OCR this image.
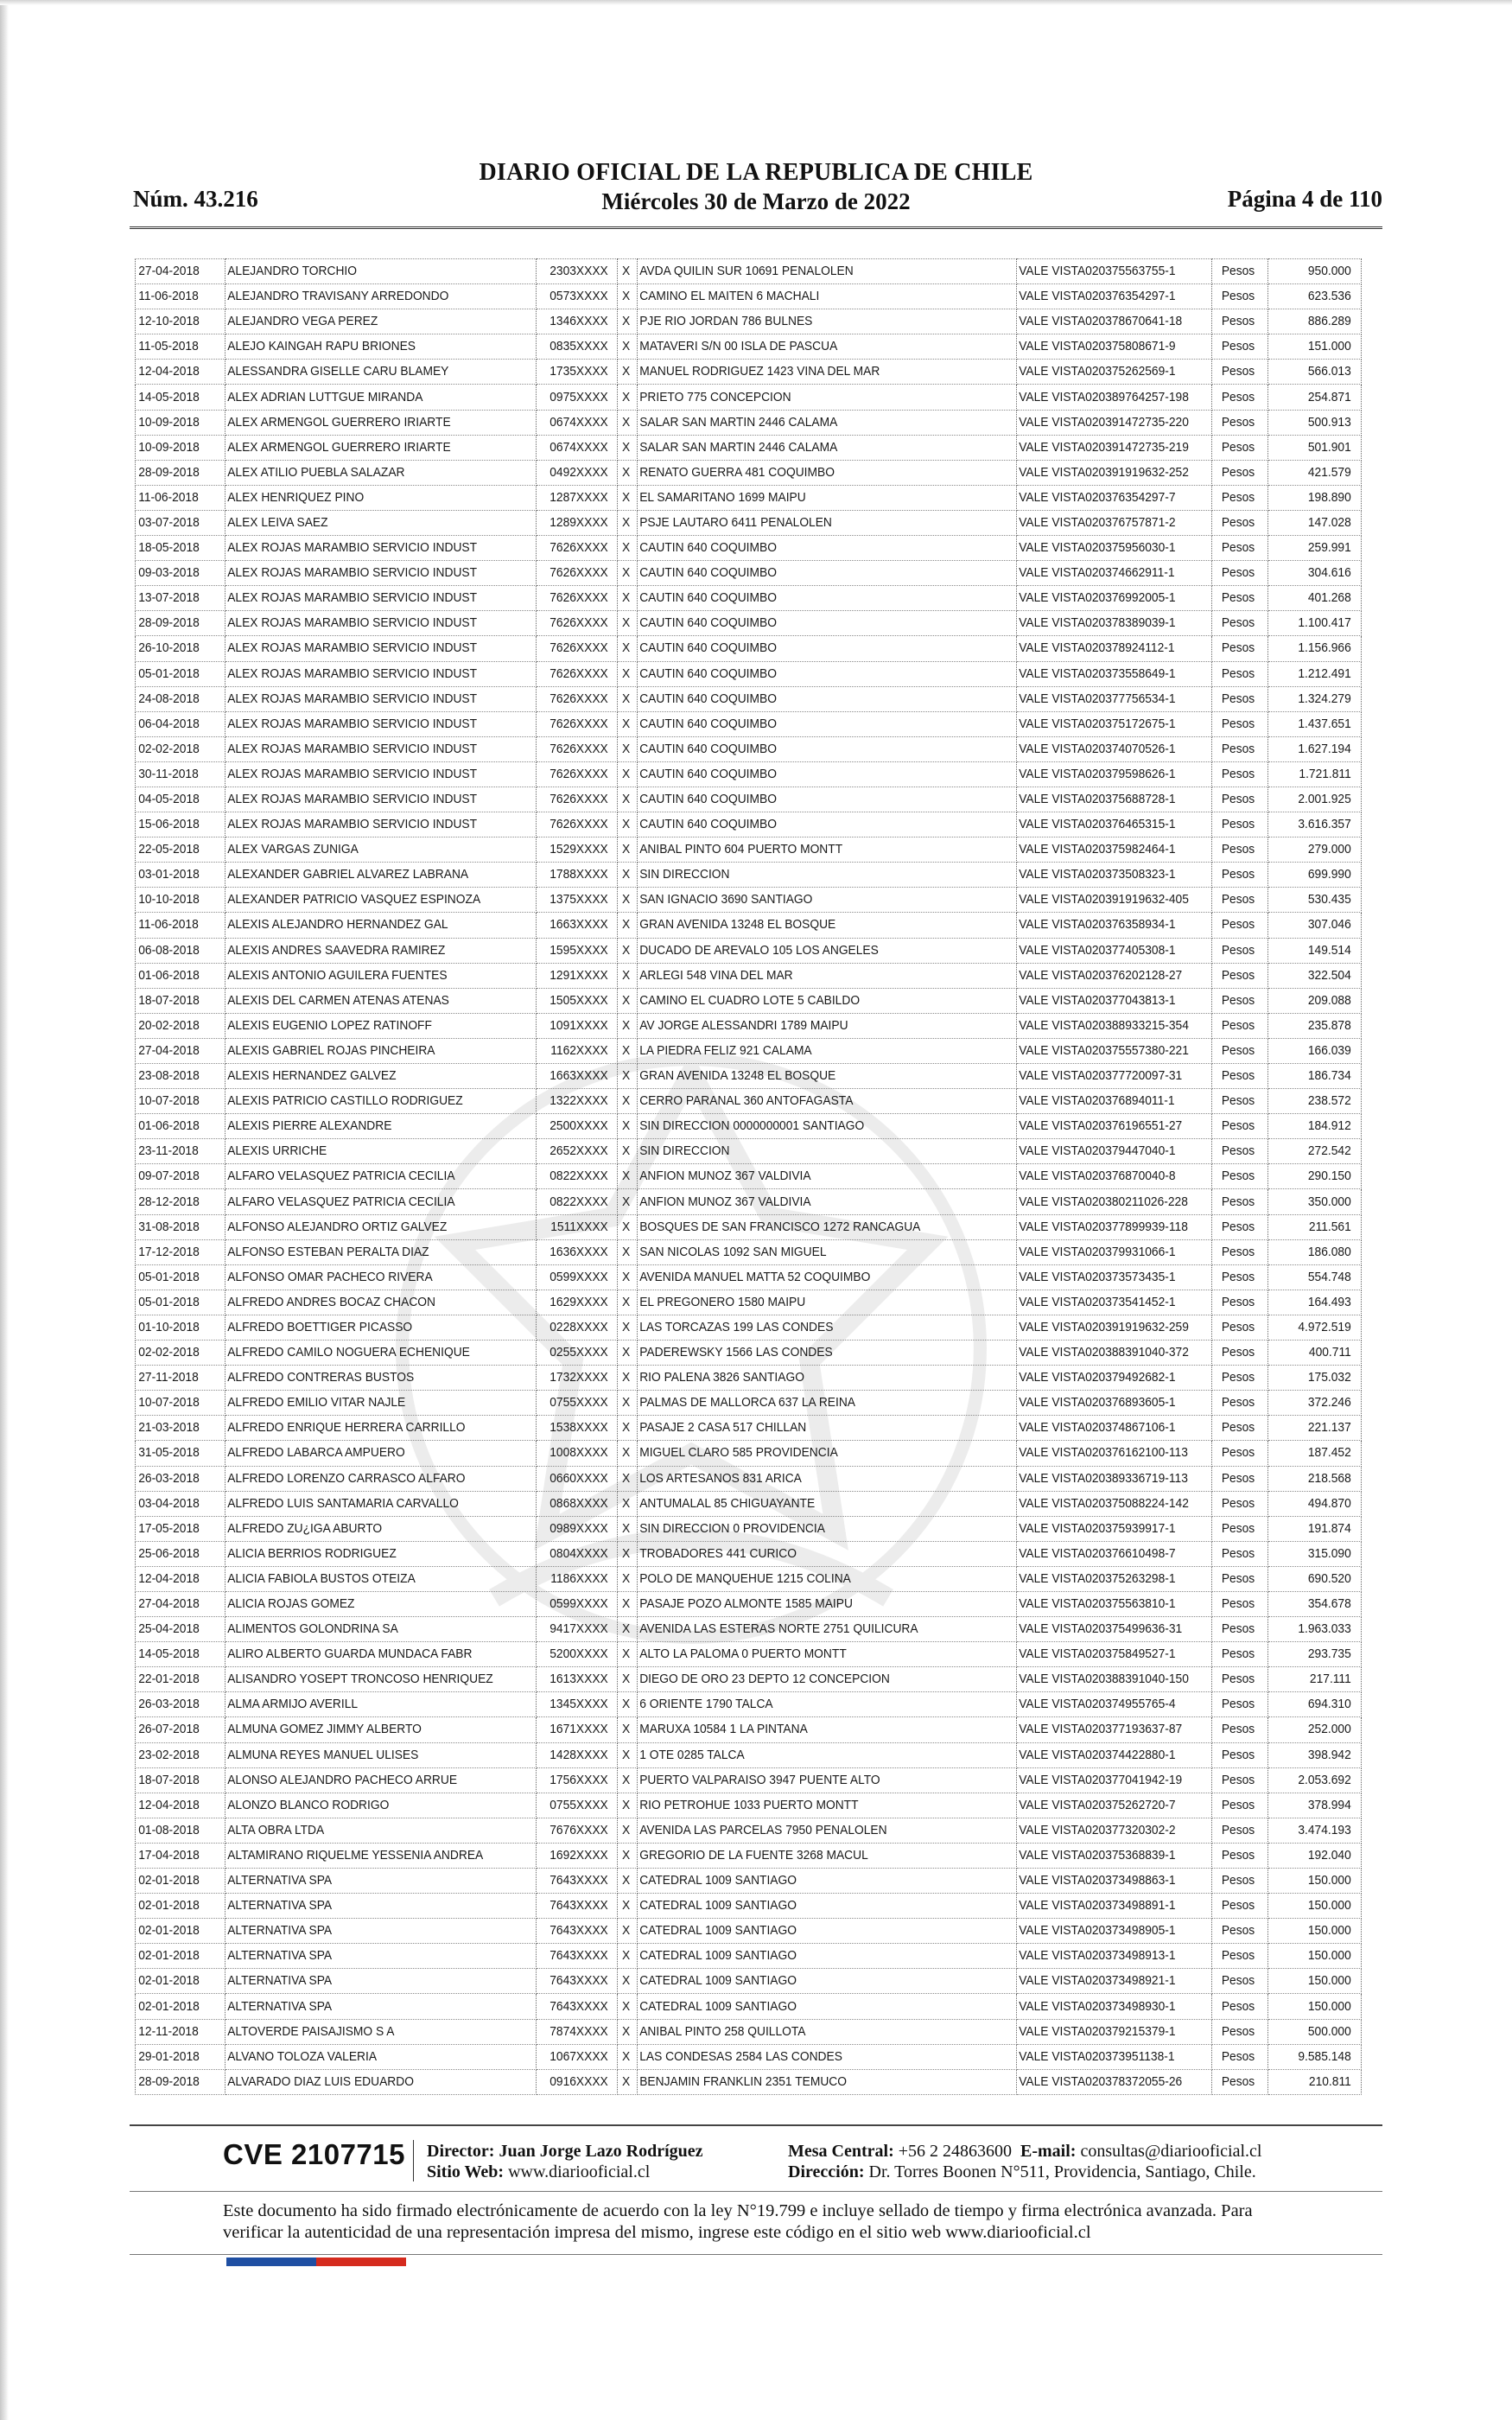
Núm. 43.216
DIARIO OFICIAL DE LA REPUBLICA DE CHILE
Miércoles 30 de Marzo de 2022	Página 4 de 110
27-04-2018	ALEJANDRO TORCHIO	2303XXXX	X	AVDA QUILIN SUR 10691 PENALOLEN	VALE VISTA020375563755-1	Pesos	950.000
11-06-2018	ALEJANDRO TRAVISANY ARREDONDO	0573XXXX	X	CAMINO EL MAITEN 6 MACHALI	VALE VISTA020376354297-1	Pesos	623.536
12-10-2018	ALEJANDRO VEGA PEREZ	1346XXXX	X	PJE RIO JORDAN 786 BULNES	VALE VISTA020378670641-18	Pesos	886.289
11-05-2018	ALEJO KAINGAH RAPU BRIONES	0835XXXX	X	MATAVERI S/N 00 ISLA DE PASCUA	VALE VISTA020375808671-9	Pesos	151.000
12-04-2018	ALESSANDRA GISELLE CARU BLAMEY	1735XXXX	X	MANUEL RODRIGUEZ 1423 VINA DEL MAR	VALE VISTA020375262569-1	Pesos	566.013
14-05-2018	ALEX ADRIAN LUTTGUE MIRANDA	0975XXXX	X	PRIETO 775 CONCEPCION	VALE VISTA020389764257-198	Pesos	254.871
10-09-2018	ALEX ARMENGOL GUERRERO IRIARTE	0674XXXX	X	SALAR SAN MARTIN 2446 CALAMA	VALE VISTA020391472735-220	Pesos	500.913
10-09-2018	ALEX ARMENGOL GUERRERO IRIARTE	0674XXXX	X	SALAR SAN MARTIN 2446 CALAMA	VALE VISTA020391472735-219	Pesos	501.901
28-09-2018	ALEX ATILIO PUEBLA SALAZAR	0492XXXX	X	RENATO GUERRA 481 COQUIMBO	VALE VISTA020391919632-252	Pesos	421.579
11-06-2018	ALEX HENRIQUEZ PINO	1287XXXX	X	EL SAMARITANO 1699 MAIPU	VALE VISTA020376354297-7	Pesos	198.890
03-07-2018	ALEX LEIVA SAEZ	1289XXXX	X	PSJE LAUTARO 6411 PENALOLEN	VALE VISTA020376757871-2	Pesos	147.028
18-05-2018	ALEX ROJAS MARAMBIO SERVICIO INDUST	7626XXXX	X	CAUTIN 640 COQUIMBO	VALE VISTA020375956030-1	Pesos	259.991
09-03-2018	ALEX ROJAS MARAMBIO SERVICIO INDUST	7626XXXX	X	CAUTIN 640 COQUIMBO	VALE VISTA020374662911-1	Pesos	304.616
13-07-2018	ALEX ROJAS MARAMBIO SERVICIO INDUST	7626XXXX	X	CAUTIN 640 COQUIMBO	VALE VISTA020376992005-1	Pesos	401.268
28-09-2018	ALEX ROJAS MARAMBIO SERVICIO INDUST	7626XXXX	X	CAUTIN 640 COQUIMBO	VALE VISTA020378389039-1	Pesos	1.100.417
26-10-2018	ALEX ROJAS MARAMBIO SERVICIO INDUST	7626XXXX	X	CAUTIN 640 COQUIMBO	VALE VISTA020378924112-1	Pesos	1.156.966
05-01-2018	ALEX ROJAS MARAMBIO SERVICIO INDUST	7626XXXX	X	CAUTIN 640 COQUIMBO	VALE VISTA020373558649-1	Pesos	1.212.491
24-08-2018	ALEX ROJAS MARAMBIO SERVICIO INDUST	7626XXXX	X	CAUTIN 640 COQUIMBO	VALE VISTA020377756534-1	Pesos	1.324.279
06-04-2018	ALEX ROJAS MARAMBIO SERVICIO INDUST	7626XXXX	X	CAUTIN 640 COQUIMBO	VALE VISTA020375172675-1	Pesos	1.437.651
02-02-2018	ALEX ROJAS MARAMBIO SERVICIO INDUST	7626XXXX	X	CAUTIN 640 COQUIMBO	VALE VISTA020374070526-1	Pesos	1.627.194
30-11-2018	ALEX ROJAS MARAMBIO SERVICIO INDUST	7626XXXX	X	CAUTIN 640 COQUIMBO	VALE VISTA020379598626-1	Pesos	1.721.811
04-05-2018	ALEX ROJAS MARAMBIO SERVICIO INDUST	7626XXXX	X	CAUTIN 640 COQUIMBO	VALE VISTA020375688728-1	Pesos	2.001.925
15-06-2018	ALEX ROJAS MARAMBIO SERVICIO INDUST	7626XXXX	X	CAUTIN 640 COQUIMBO	VALE VISTA020376465315-1	Pesos	3.616.357
22-05-2018	ALEX VARGAS ZUNIGA	1529XXXX	X	ANIBAL PINTO 604 PUERTO MONTT	VALE VISTA020375982464-1	Pesos	279.000
03-01-2018	ALEXANDER GABRIEL ALVAREZ LABRANA	1788XXXX	X	SIN DIRECCION	VALE VISTA020373508323-1	Pesos	699.990
10-10-2018	ALEXANDER PATRICIO VASQUEZ ESPINOZA	1375XXXX	X	SAN IGNACIO 3690 SANTIAGO	VALE VISTA020391919632-405	Pesos	530.435
11-06-2018	ALEXIS ALEJANDRO HERNANDEZ GAL	1663XXXX	X	GRAN AVENIDA 13248 EL BOSQUE	VALE VISTA020376358934-1	Pesos	307.046
06-08-2018	ALEXIS ANDRES SAAVEDRA RAMIREZ	1595XXXX	X	DUCADO DE AREVALO 105 LOS ANGELES	VALE VISTA020377405308-1	Pesos	149.514
01-06-2018	ALEXIS ANTONIO AGUILERA FUENTES	1291XXXX	X	ARLEGI 548 VINA DEL MAR	VALE VISTA020376202128-27	Pesos	322.504
18-07-2018	ALEXIS DEL CARMEN ATENAS ATENAS	1505XXXX	X	CAMINO EL CUADRO LOTE 5 CABILDO	VALE VISTA020377043813-1	Pesos	209.088
20-02-2018	ALEXIS EUGENIO LOPEZ RATINOFF	1091XXXX	X	AV JORGE ALESSANDRI 1789 MAIPU	VALE VISTA020388933215-354	Pesos	235.878
27-04-2018	ALEXIS GABRIEL ROJAS PINCHEIRA	1162XXXX	X	LA PIEDRA FELIZ 921 CALAMA	VALE VISTA020375557380-221	Pesos	166.039
23-08-2018	ALEXIS HERNANDEZ GALVEZ	1663XXXX	X	GRAN AVENIDA 13248 EL BOSQUE	VALE VISTA020377720097-31	Pesos	186.734
10-07-2018	ALEXIS PATRICIO CASTILLO RODRIGUEZ	1322XXXX	X	CERRO PARANAL 360 ANTOFAGASTA	VALE VISTA020376894011-1	Pesos	238.572
01-06-2018	ALEXIS PIERRE ALEXANDRE	2500XXXX	X	SIN DIRECCION 0000000001 SANTIAGO	VALE VISTA020376196551-27	Pesos	184.912
23-11-2018	ALEXIS URRICHE	2652XXXX	X	SIN DIRECCION	VALE VISTA020379447040-1	Pesos	272.542
09-07-2018	ALFARO VELASQUEZ PATRICIA CECILIA	0822XXXX	X	ANFION MUNOZ 367 VALDIVIA	VALE VISTA020376870040-8	Pesos	290.150
28-12-2018	ALFARO VELASQUEZ PATRICIA CECILIA	0822XXXX	X	ANFION MUNOZ 367 VALDIVIA	VALE VISTA020380211026-228	Pesos	350.000
31-08-2018	ALFONSO ALEJANDRO ORTIZ GALVEZ	1511XXXX	X	BOSQUES DE SAN FRANCISCO 1272 RANCAGUA	VALE VISTA020377899939-118	Pesos	211.561
17-12-2018	ALFONSO ESTEBAN PERALTA DIAZ	1636XXXX	X	SAN NICOLAS 1092 SAN MIGUEL	VALE VISTA020379931066-1	Pesos	186.080
05-01-2018	ALFONSO OMAR PACHECO RIVERA	0599XXXX	X	AVENIDA MANUEL MATTA 52 COQUIMBO	VALE VISTA020373573435-1	Pesos	554.748
05-01-2018	ALFREDO ANDRES BOCAZ CHACON	1629XXXX	X	EL PREGONERO 1580 MAIPU	VALE VISTA020373541452-1	Pesos	164.493
01-10-2018	ALFREDO BOETTIGER PICASSO	0228XXXX	X	LAS TORCAZAS 199 LAS CONDES	VALE VISTA020391919632-259	Pesos	4.972.519
02-02-2018	ALFREDO CAMILO NOGUERA ECHENIQUE	0255XXXX	X	PADEREWSKY 1566 LAS CONDES	VALE VISTA020388391040-372	Pesos	400.711
27-11-2018	ALFREDO CONTRERAS BUSTOS	1732XXXX	X	RIO PALENA 3826 SANTIAGO	VALE VISTA020379492682-1	Pesos	175.032
10-07-2018	ALFREDO EMILIO VITAR NAJLE	0755XXXX	X	PALMAS DE MALLORCA 637 LA REINA	VALE VISTA020376893605-1	Pesos	372.246
21-03-2018	ALFREDO ENRIQUE HERRERA CARRILLO	1538XXXX	X	PASAJE 2 CASA 517 CHILLAN	VALE VISTA020374867106-1	Pesos	221.137
31-05-2018	ALFREDO LABARCA AMPUERO	1008XXXX	X	MIGUEL CLARO 585 PROVIDENCIA	VALE VISTA020376162100-113	Pesos	187.452
26-03-2018	ALFREDO LORENZO CARRASCO ALFARO	0660XXXX	X	LOS ARTESANOS 831 ARICA	VALE VISTA020389336719-113	Pesos	218.568
03-04-2018	ALFREDO LUIS SANTAMARIA CARVALLO	0868XXXX	X	ANTUMALAL 85 CHIGUAYANTE	VALE VISTA020375088224-142	Pesos	494.870
17-05-2018	ALFREDO ZU¿IGA ABURTO	0989XXXX	X	SIN DIRECCION 0 PROVIDENCIA	VALE VISTA020375939917-1	Pesos	191.874
25-06-2018	ALICIA BERRIOS RODRIGUEZ	0804XXXX	X	TROBADORES 441 CURICO	VALE VISTA020376610498-7	Pesos	315.090
12-04-2018	ALICIA FABIOLA BUSTOS OTEIZA	1186XXXX	X	POLO DE MANQUEHUE 1215 COLINA	VALE VISTA020375263298-1	Pesos	690.520
27-04-2018	ALICIA ROJAS GOMEZ	0599XXXX	X	PASAJE POZO ALMONTE 1585 MAIPU	VALE VISTA020375563810-1	Pesos	354.678
25-04-2018	ALIMENTOS GOLONDRINA SA	9417XXXX	X	AVENIDA LAS ESTERAS NORTE 2751 QUILICURA	VALE VISTA020375499636-31	Pesos	1.963.033
14-05-2018	ALIRO ALBERTO GUARDA MUNDACA FABR	5200XXXX	X	ALTO LA PALOMA 0 PUERTO MONTT	VALE VISTA020375849527-1	Pesos	293.735
22-01-2018	ALISANDRO YOSEPT TRONCOSO HENRIQUEZ	1613XXXX	X	DIEGO DE ORO 23 DEPTO 12 CONCEPCION	VALE VISTA020388391040-150	Pesos	217.111
26-03-2018	ALMA ARMIJO AVERILL	1345XXXX	X	6 ORIENTE 1790 TALCA	VALE VISTA020374955765-4	Pesos	694.310
26-07-2018	ALMUNA GOMEZ JIMMY ALBERTO	1671XXXX	X	MARUXA 10584 1 LA PINTANA	VALE VISTA020377193637-87	Pesos	252.000
23-02-2018	ALMUNA REYES MANUEL ULISES	1428XXXX	X	1 OTE 0285 TALCA	VALE VISTA020374422880-1	Pesos	398.942
18-07-2018	ALONSO ALEJANDRO PACHECO ARRUE	1756XXXX	X	PUERTO VALPARAISO 3947 PUENTE ALTO	VALE VISTA020377041942-19	Pesos	2.053.692
12-04-2018	ALONZO BLANCO RODRIGO	0755XXXX	X	RIO PETROHUE 1033 PUERTO MONTT	VALE VISTA020375262720-7	Pesos	378.994
01-08-2018	ALTA OBRA LTDA	7676XXXX	X	AVENIDA LAS PARCELAS 7950 PENALOLEN	VALE VISTA020377320302-2	Pesos	3.474.193
17-04-2018	ALTAMIRANO RIQUELME YESSENIA ANDREA	1692XXXX	X	GREGORIO DE LA FUENTE 3268 MACUL	VALE VISTA020375368839-1	Pesos	192.040
02-01-2018	ALTERNATIVA SPA	7643XXXX	X	CATEDRAL 1009 SANTIAGO	VALE VISTA020373498863-1	Pesos	150.000
02-01-2018	ALTERNATIVA SPA	7643XXXX	X	CATEDRAL 1009 SANTIAGO	VALE VISTA020373498891-1	Pesos	150.000
02-01-2018	ALTERNATIVA SPA	7643XXXX	X	CATEDRAL 1009 SANTIAGO	VALE VISTA020373498905-1	Pesos	150.000
02-01-2018	ALTERNATIVA SPA	7643XXXX	X	CATEDRAL 1009 SANTIAGO	VALE VISTA020373498913-1	Pesos	150.000
02-01-2018	ALTERNATIVA SPA	7643XXXX	X	CATEDRAL 1009 SANTIAGO	VALE VISTA020373498921-1	Pesos	150.000
02-01-2018	ALTERNATIVA SPA	7643XXXX	X	CATEDRAL 1009 SANTIAGO	VALE VISTA020373498930-1	Pesos	150.000
12-11-2018	ALTOVERDE PAISAJISMO S A	7874XXXX	X	ANIBAL PINTO 258 QUILLOTA	VALE VISTA020379215379-1	Pesos	500.000
29-01-2018	ALVANO TOLOZA VALERIA	1067XXXX	X	LAS CONDESAS 2584 LAS CONDES	VALE VISTA020373951138-1	Pesos	9.585.148
28-09-2018	ALVARADO DIAZ LUIS EDUARDO	0916XXXX	X	BENJAMIN FRANKLIN 2351 TEMUCO	VALE VISTA020378372055-26	Pesos	210.811
CVE 2107715 Director: Juan Jorge Lazo Rodríguez
Sitio Web: www.diariooficial.cl
Mesa Central: +56 2 24863600 E-mail: consultas@diariooficial.cl
Dirección: Dr. Torres Boonen N°511, Providencia, Santiago, Chile.
Este documento ha sido firmado electrónicamente de acuerdo con la ley N°19.799 e incluye sellado de tiempo y firma electrónica avanzada. Para verificar la autenticidad de una representación impresa del mismo, ingrese este código en el sitio web www.diariooficial.cl
